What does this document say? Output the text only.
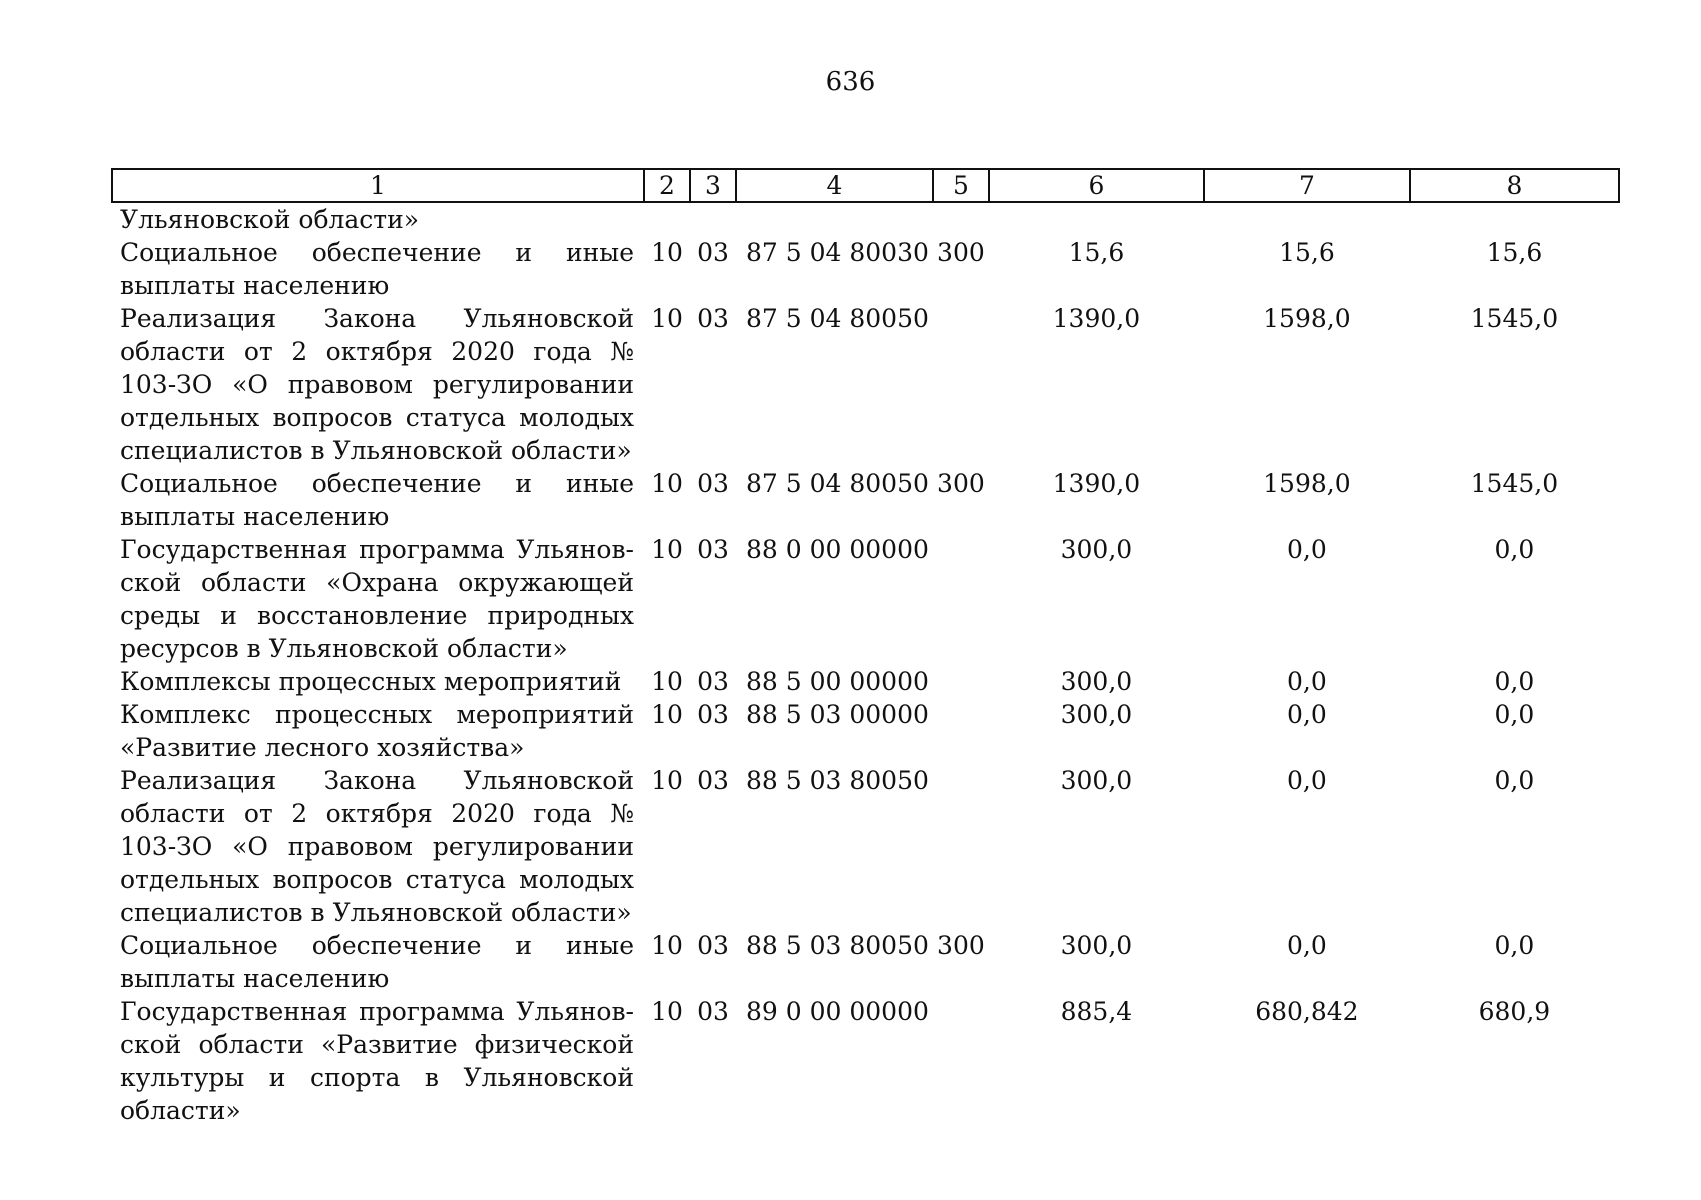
636
1	2	3	4	5	6	7	8
Ульяновской области»							
Социальное обеспечение и иные выплаты населению	10	03	87 5 04 80030	300	15,6	15,6	15,6
Реализация Закона Ульяновской области от 2 октября 2020 года № 103-ЗО «О правовом регулировании отдельных вопросов статуса молодых специалистов в Ульяновской области»	10	03	87 5 04 80050		1390,0	1598,0	1545,0
Социальное обеспечение и иные выплаты населению	10	03	87 5 04 80050	300	1390,0	1598,0	1545,0
Государственная программа Ульяновской области «Охрана окружающей среды и восстановление природных ресурсов в Ульяновской области»	10	03	88 0 00 00000		300,0	0,0	0,0
Комплексы процессных мероприятий	10	03	88 5 00 00000		300,0	0,0	0,0
Комплекс процессных мероприятий «Развитие лесного хозяйства»	10	03	88 5 03 00000		300,0	0,0	0,0
Реализация Закона Ульяновской области от 2 октября 2020 года № 103-ЗО «О правовом регулировании отдельных вопросов статуса молодых специалистов в Ульяновской области»	10	03	88 5 03 80050		300,0	0,0	0,0
Социальное обеспечение и иные выплаты населению	10	03	88 5 03 80050	300	300,0	0,0	0,0
Государственная программа Ульяновской области «Развитие физической культуры и спорта в Ульяновской области»	10	03	89 0 00 00000		885,4	680,842	680,9
